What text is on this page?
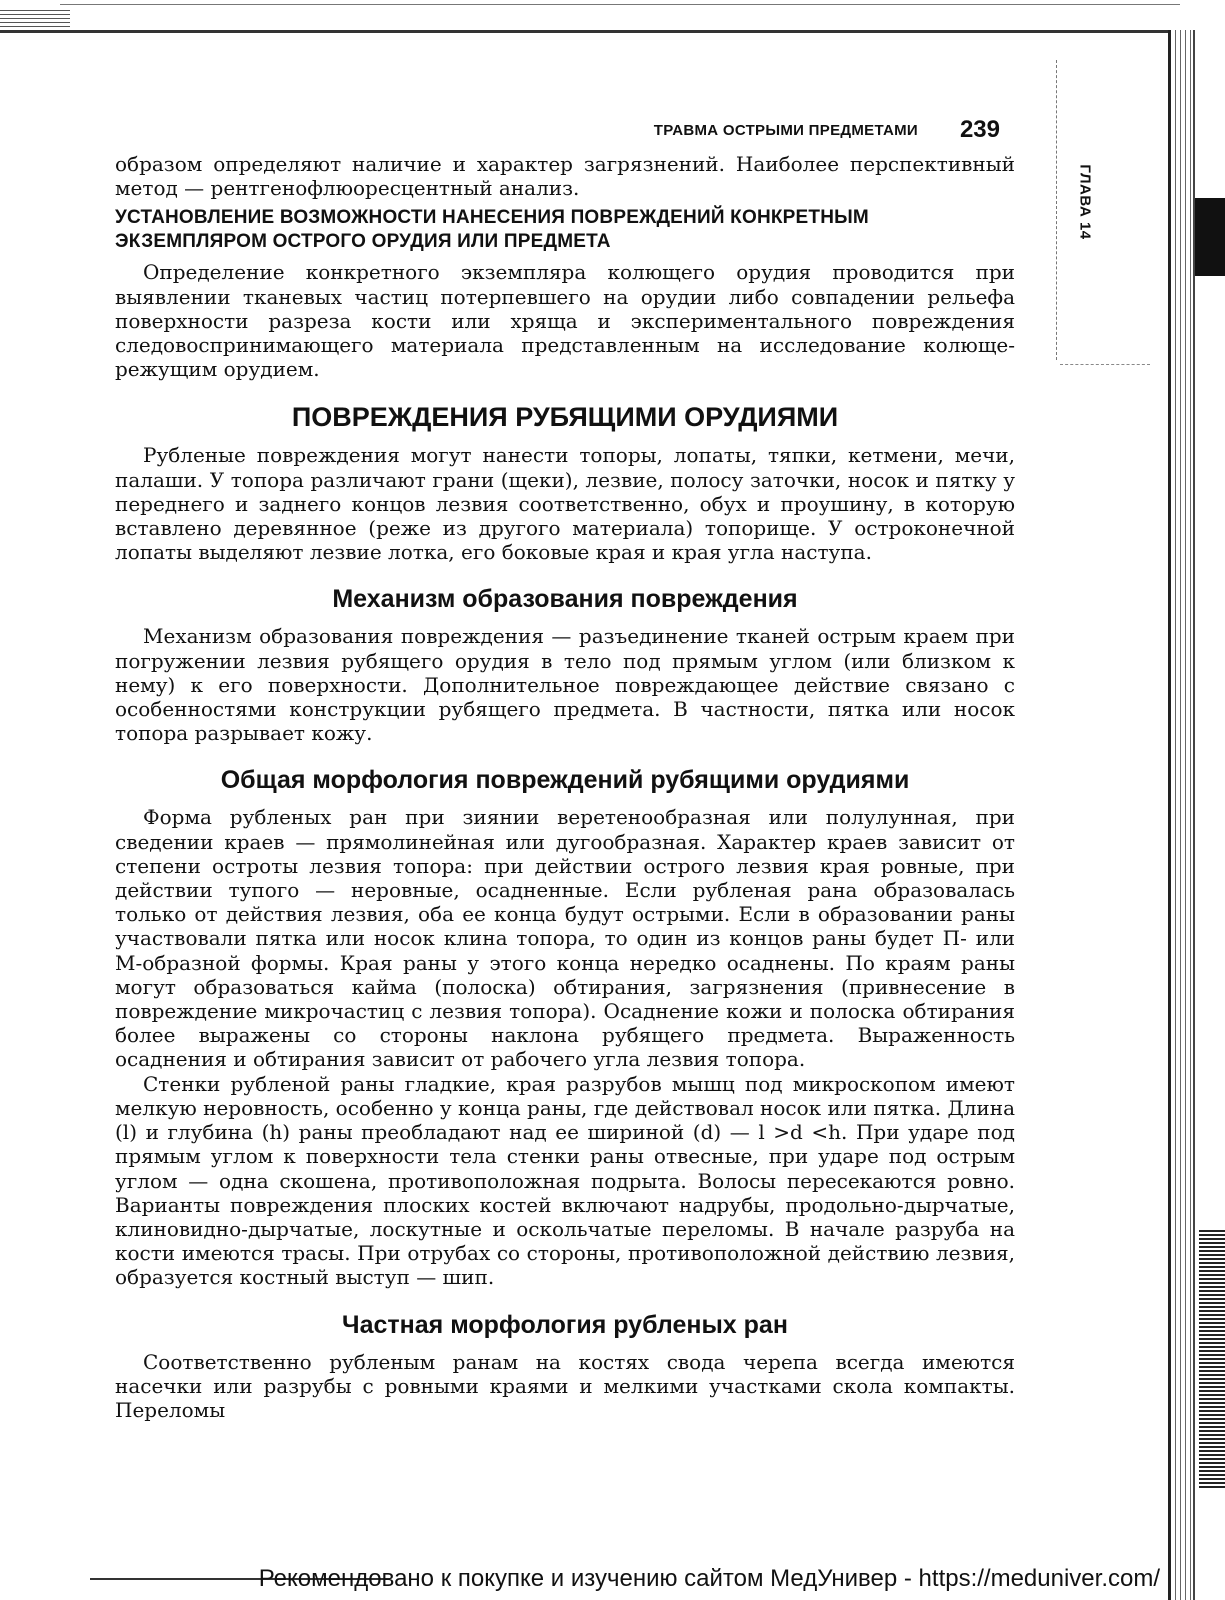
ГЛАВА 14
ТРАВМА ОСТРЫМИ ПРЕДМЕТАМИ 239

образом определяют наличие и характер загрязнений. Наиболее перспективный метод — рентгенофлюоресцентный анализ.

УСТАНОВЛЕНИЕ ВОЗМОЖНОСТИ НАНЕСЕНИЯ ПОВРЕЖДЕНИЙ КОНКРЕТНЫМ ЭКЗЕМПЛЯРОМ ОСТРОГО ОРУДИЯ ИЛИ ПРЕДМЕТА

Определение конкретного экземпляра колющего орудия проводится при выявлении тканевых частиц потерпевшего на орудии либо совпадении рельефа поверхности разреза кости или хряща и экспериментального повреждения следовоспринимающего материала представленным на исследование колюще-режущим орудием.

ПОВРЕЖДЕНИЯ РУБЯЩИМИ ОРУДИЯМИ

Рубленые повреждения могут нанести топоры, лопаты, тяпки, кетмени, мечи, палаши. У топора различают грани (щеки), лезвие, полосу заточки, носок и пятку у переднего и заднего концов лезвия соответственно, обух и проушину, в которую вставлено деревянное (реже из другого материала) топорище. У остроконечной лопаты выделяют лезвие лотка, его боковые края и края угла наступа.

Механизм образования повреждения

Механизм образования повреждения — разъединение тканей острым краем при погружении лезвия рубящего орудия в тело под прямым углом (или близком к нему) к его поверхности. Дополнительное повреждающее действие связано с особенностями конструкции рубящего предмета. В частности, пятка или носок топора разрывает кожу.

Общая морфология повреждений рубящими орудиями

Форма рубленых ран при зиянии веретенообразная или полулунная, при сведении краев — прямолинейная или дугообразная. Характер краев зависит от степени остроты лезвия топора: при действии острого лезвия края ровные, при действии тупого — неровные, осадненные. Если рубленая рана образовалась только от действия лезвия, оба ее конца будут острыми. Если в образовании раны участвовали пятка или носок клина топора, то один из концов раны будет П- или М-образной формы. Края раны у этого конца нередко осаднены. По краям раны могут образоваться кайма (полоска) обтирания, загрязнения (привнесение в повреждение микрочастиц с лезвия топора). Осаднение кожи и полоска обтирания более выражены со стороны наклона рубящего предмета. Выраженность осаднения и обтирания зависит от рабочего угла лезвия топора.

Стенки рубленой раны гладкие, края разрубов мышц под микроскопом имеют мелкую неровность, особенно у конца раны, где действовал носок или пятка. Длина (l) и глубина (h) раны преобладают над ее шириной (d) — l >d <h. При ударе под прямым углом к поверхности тела стенки раны отвесные, при ударе под острым углом — одна скошена, противоположная подрыта. Волосы пересекаются ровно. Варианты повреждения плоских костей включают надрубы, продольно-дырчатые, клиновидно-дырчатые, лоскутные и оскольчатые переломы. В начале разруба на кости имеются трасы. При отрубах со стороны, противоположной действию лезвия, образуется костный выступ — шип.

Частная морфология рубленых ран

Соответственно рубленым ранам на костях свода черепа всегда имеются насечки или разрубы с ровными краями и мелкими участками скола компакты. Переломы

Рекомендовано к покупке и изучению сайтом МедУнивер - https://meduniver.com/
